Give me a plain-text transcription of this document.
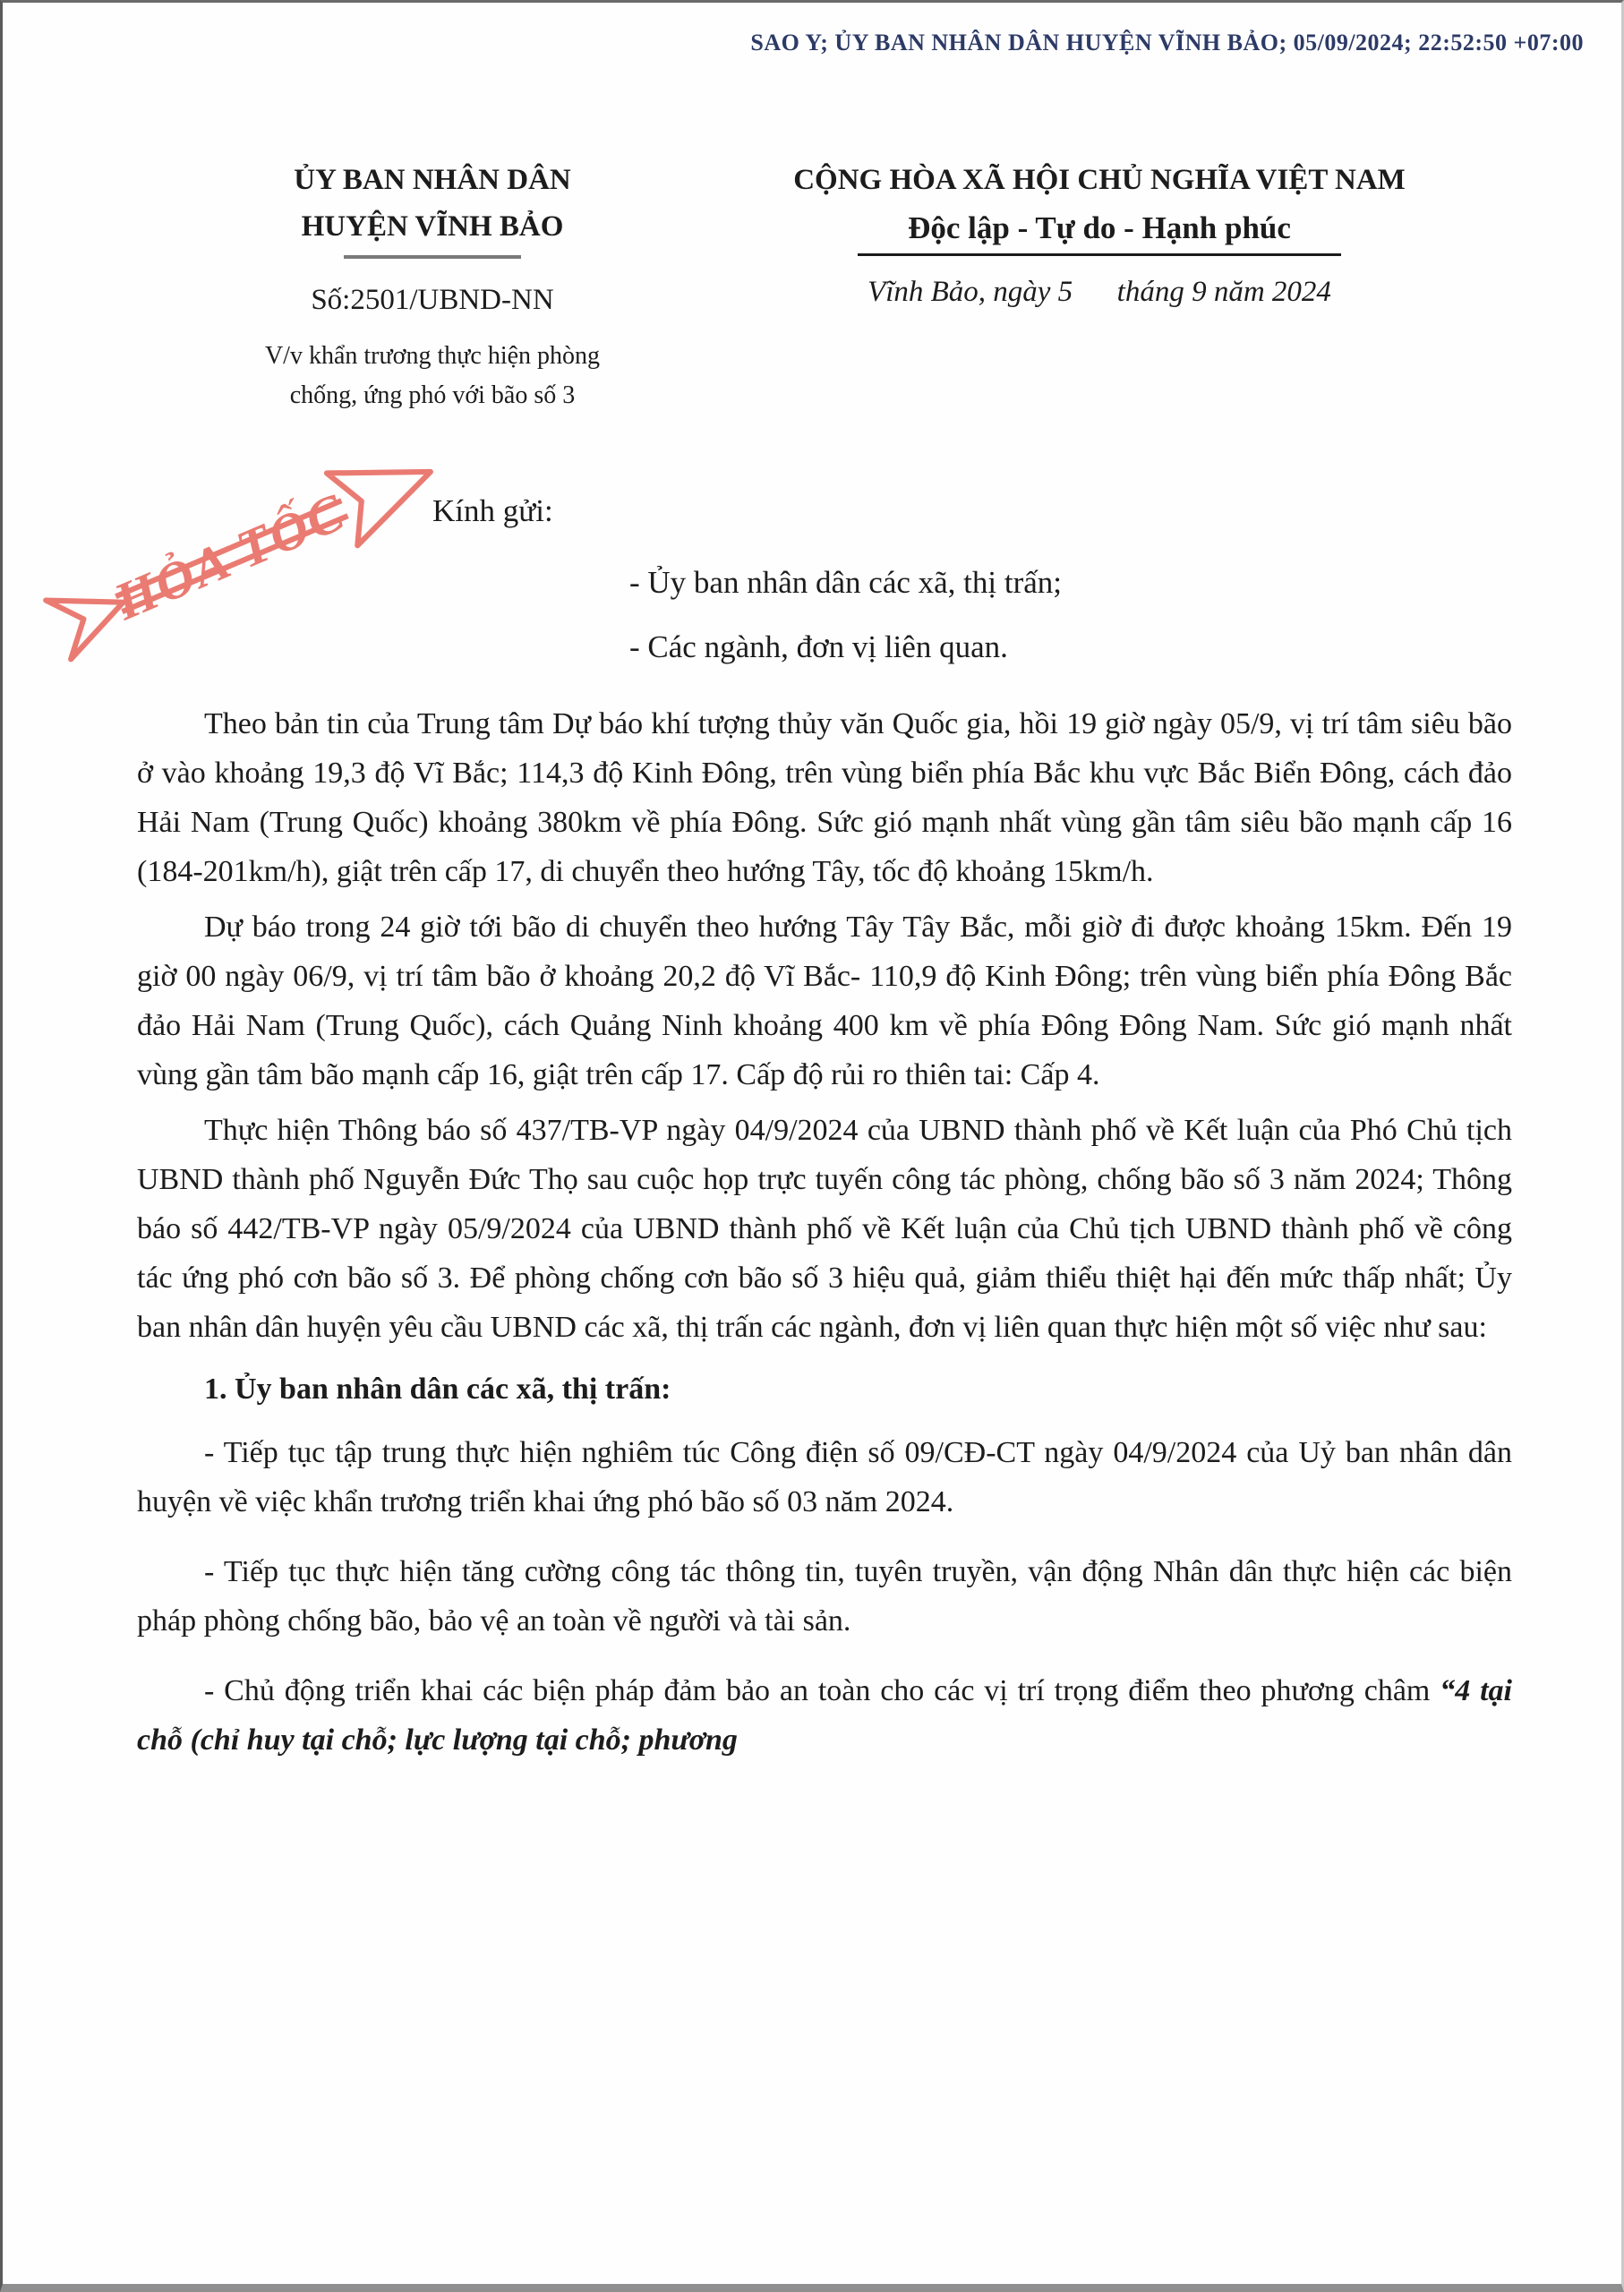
SAO Y; ỦY BAN NHÂN DÂN HUYỆN VĨNH BẢO; 05/09/2024; 22:52:50 +07:00
ỦY BAN NHÂN DÂN
HUYỆN VĨNH BẢO
Số:2501/UBND-NN
V/v khẩn trương thực hiện phòng
chống, ứng phó với bão số 3
CỘNG HÒA XÃ HỘI CHỦ NGHĨA VIỆT NAM
Độc lập - Tự do - Hạnh phúc
Vĩnh Bảo, ngày 5      tháng 9 năm 2024
HỎA TỐC	Kính gửi:
- Ủy ban nhân dân các xã, thị trấn;
- Các ngành, đơn vị liên quan.

Theo bản tin của Trung tâm Dự báo khí tượng thủy văn Quốc gia, hồi 19 giờ ngày 05/9, vị trí tâm siêu bão ở vào khoảng 19,3 độ Vĩ Bắc; 114,3 độ Kinh Đông, trên vùng biển phía Bắc khu vực Bắc Biển Đông, cách đảo Hải Nam (Trung Quốc) khoảng 380km về phía Đông. Sức gió mạnh nhất vùng gần tâm siêu bão mạnh cấp 16 (184-201km/h), giật trên cấp 17, di chuyển theo hướng Tây, tốc độ khoảng 15km/h.

Dự báo trong 24 giờ tới bão di chuyển theo hướng Tây Tây Bắc, mỗi giờ đi được khoảng 15km. Đến 19 giờ 00 ngày 06/9, vị trí tâm bão ở khoảng 20,2 độ Vĩ Bắc- 110,9 độ Kinh Đông; trên vùng biển phía Đông Bắc đảo Hải Nam (Trung Quốc), cách Quảng Ninh khoảng 400 km về phía Đông Đông Nam. Sức gió mạnh nhất vùng gần tâm bão mạnh cấp 16, giật trên cấp 17. Cấp độ rủi ro thiên tai: Cấp 4.

Thực hiện Thông báo số 437/TB-VP ngày 04/9/2024 của UBND thành phố về Kết luận của Phó Chủ tịch UBND thành phố Nguyễn Đức Thọ sau cuộc họp trực tuyến công tác phòng, chống bão số 3 năm 2024; Thông báo số 442/TB-VP ngày 05/9/2024 của UBND thành phố về Kết luận của Chủ tịch UBND thành phố về công tác ứng phó cơn bão số 3. Để phòng chống cơn bão số 3 hiệu quả, giảm thiểu thiệt hại đến mức thấp nhất; Ủy ban nhân dân huyện yêu cầu UBND các xã, thị trấn các ngành, đơn vị liên quan thực hiện một số việc như sau:

1. Ủy ban nhân dân các xã, thị trấn:

- Tiếp tục tập trung thực hiện nghiêm túc Công điện số 09/CĐ-CT ngày 04/9/2024 của Uỷ ban nhân dân huyện về việc khẩn trương triển khai ứng phó bão số 03 năm 2024.

- Tiếp tục thực hiện tăng cường công tác thông tin, tuyên truyền, vận động Nhân dân thực hiện các biện pháp phòng chống bão, bảo vệ an toàn về người và tài sản.

- Chủ động triển khai các biện pháp đảm bảo an toàn cho các vị trí trọng điểm theo phương châm “4 tại chỗ (chỉ huy tại chỗ; lực lượng tại chỗ; phương
